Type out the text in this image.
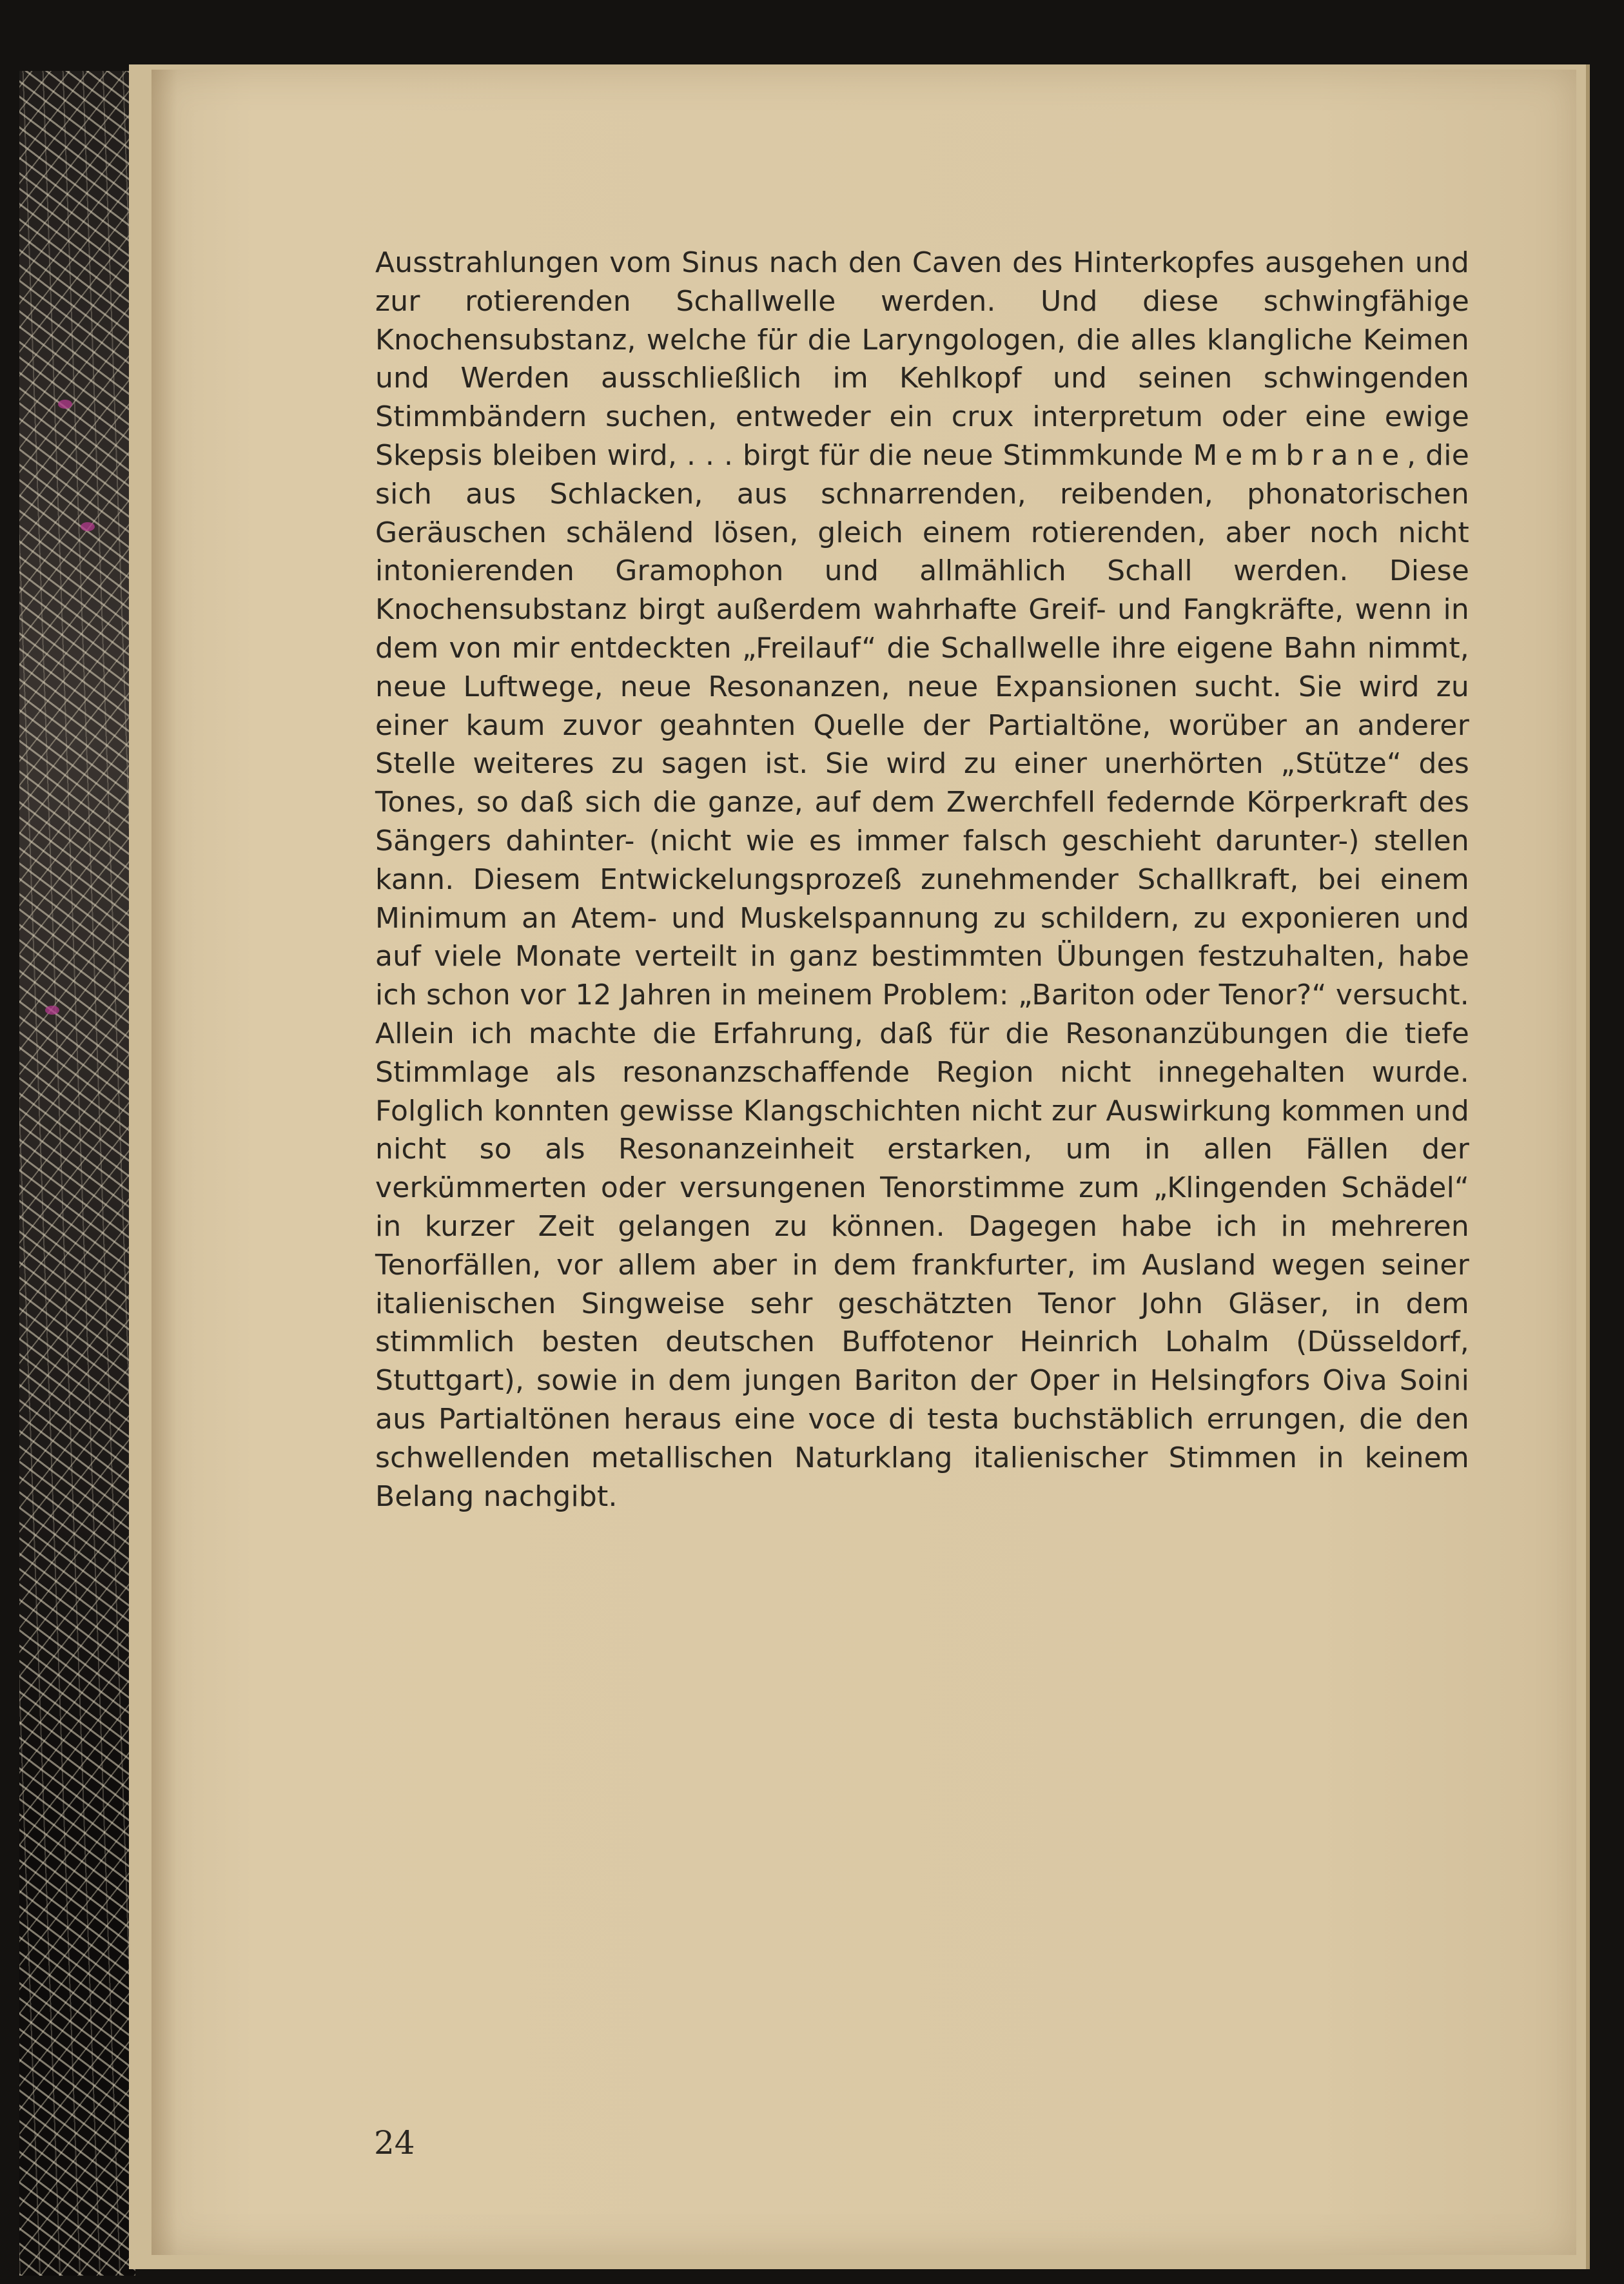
Ausstrahlungen vom Sinus nach den Caven des Hinterkopfes ausgehen und zur rotierenden Schallwelle werden. Und diese schwingfähige Knochensubstanz, welche für die Laryngologen, die alles klangliche Keimen und Werden ausschließlich im Kehlkopf und seinen schwingenden Stimmbändern suchen, entweder ein crux interpretum oder eine ewige Skepsis bleiben wird, . . . birgt für die neue Stimmkunde Membrane, die sich aus Schlacken, aus schnarrenden, reibenden, phonatorischen Geräuschen schälend lösen, gleich einem rotierenden, aber noch nicht intonierenden Gramophon und allmählich Schall werden. Diese Knochensubstanz birgt außerdem wahrhafte Greif- und Fangkräfte, wenn in dem von mir entdeckten „Freilauf“ die Schallwelle ihre eigene Bahn nimmt, neue Luftwege, neue Resonanzen, neue Expansionen sucht. Sie wird zu einer kaum zuvor geahnten Quelle der Partialtöne, worüber an anderer Stelle weiteres zu sagen ist. Sie wird zu einer unerhörten „Stütze“ des Tones, so daß sich die ganze, auf dem Zwerchfell federnde Körperkraft des Sängers dahinter- (nicht wie es immer falsch geschieht darunter-) stellen kann. Diesem Entwickelungsprozeß zunehmender Schallkraft, bei einem Minimum an Atem- und Muskelspannung zu schildern, zu exponieren und auf viele Monate verteilt in ganz bestimmten Übungen festzuhalten, habe ich schon vor 12 Jahren in meinem Problem: „Bariton oder Tenor?“ versucht. Allein ich machte die Erfahrung, daß für die Resonanzübungen die tiefe Stimmlage als resonanzschaffende Region nicht innegehalten wurde. Folglich konnten gewisse Klangschichten nicht zur Auswirkung kommen und nicht so als Resonanzeinheit erstarken, um in allen Fällen der verkümmerten oder versungenen Tenorstimme zum „Klingenden Schädel“ in kurzer Zeit gelangen zu können. Dagegen habe ich in mehreren Tenorfällen, vor allem aber in dem frankfurter, im Ausland wegen seiner italienischen Singweise sehr geschätzten Tenor John Gläser, in dem stimmlich besten deutschen Buffotenor Heinrich Lohalm (Düsseldorf, Stuttgart), sowie in dem jungen Bariton der Oper in Helsingfors Oiva Soini aus Partialtönen heraus eine voce di testa buchstäblich errungen, die den schwellenden metallischen Naturklang italienischer Stimmen in keinem Belang nachgibt.

24
